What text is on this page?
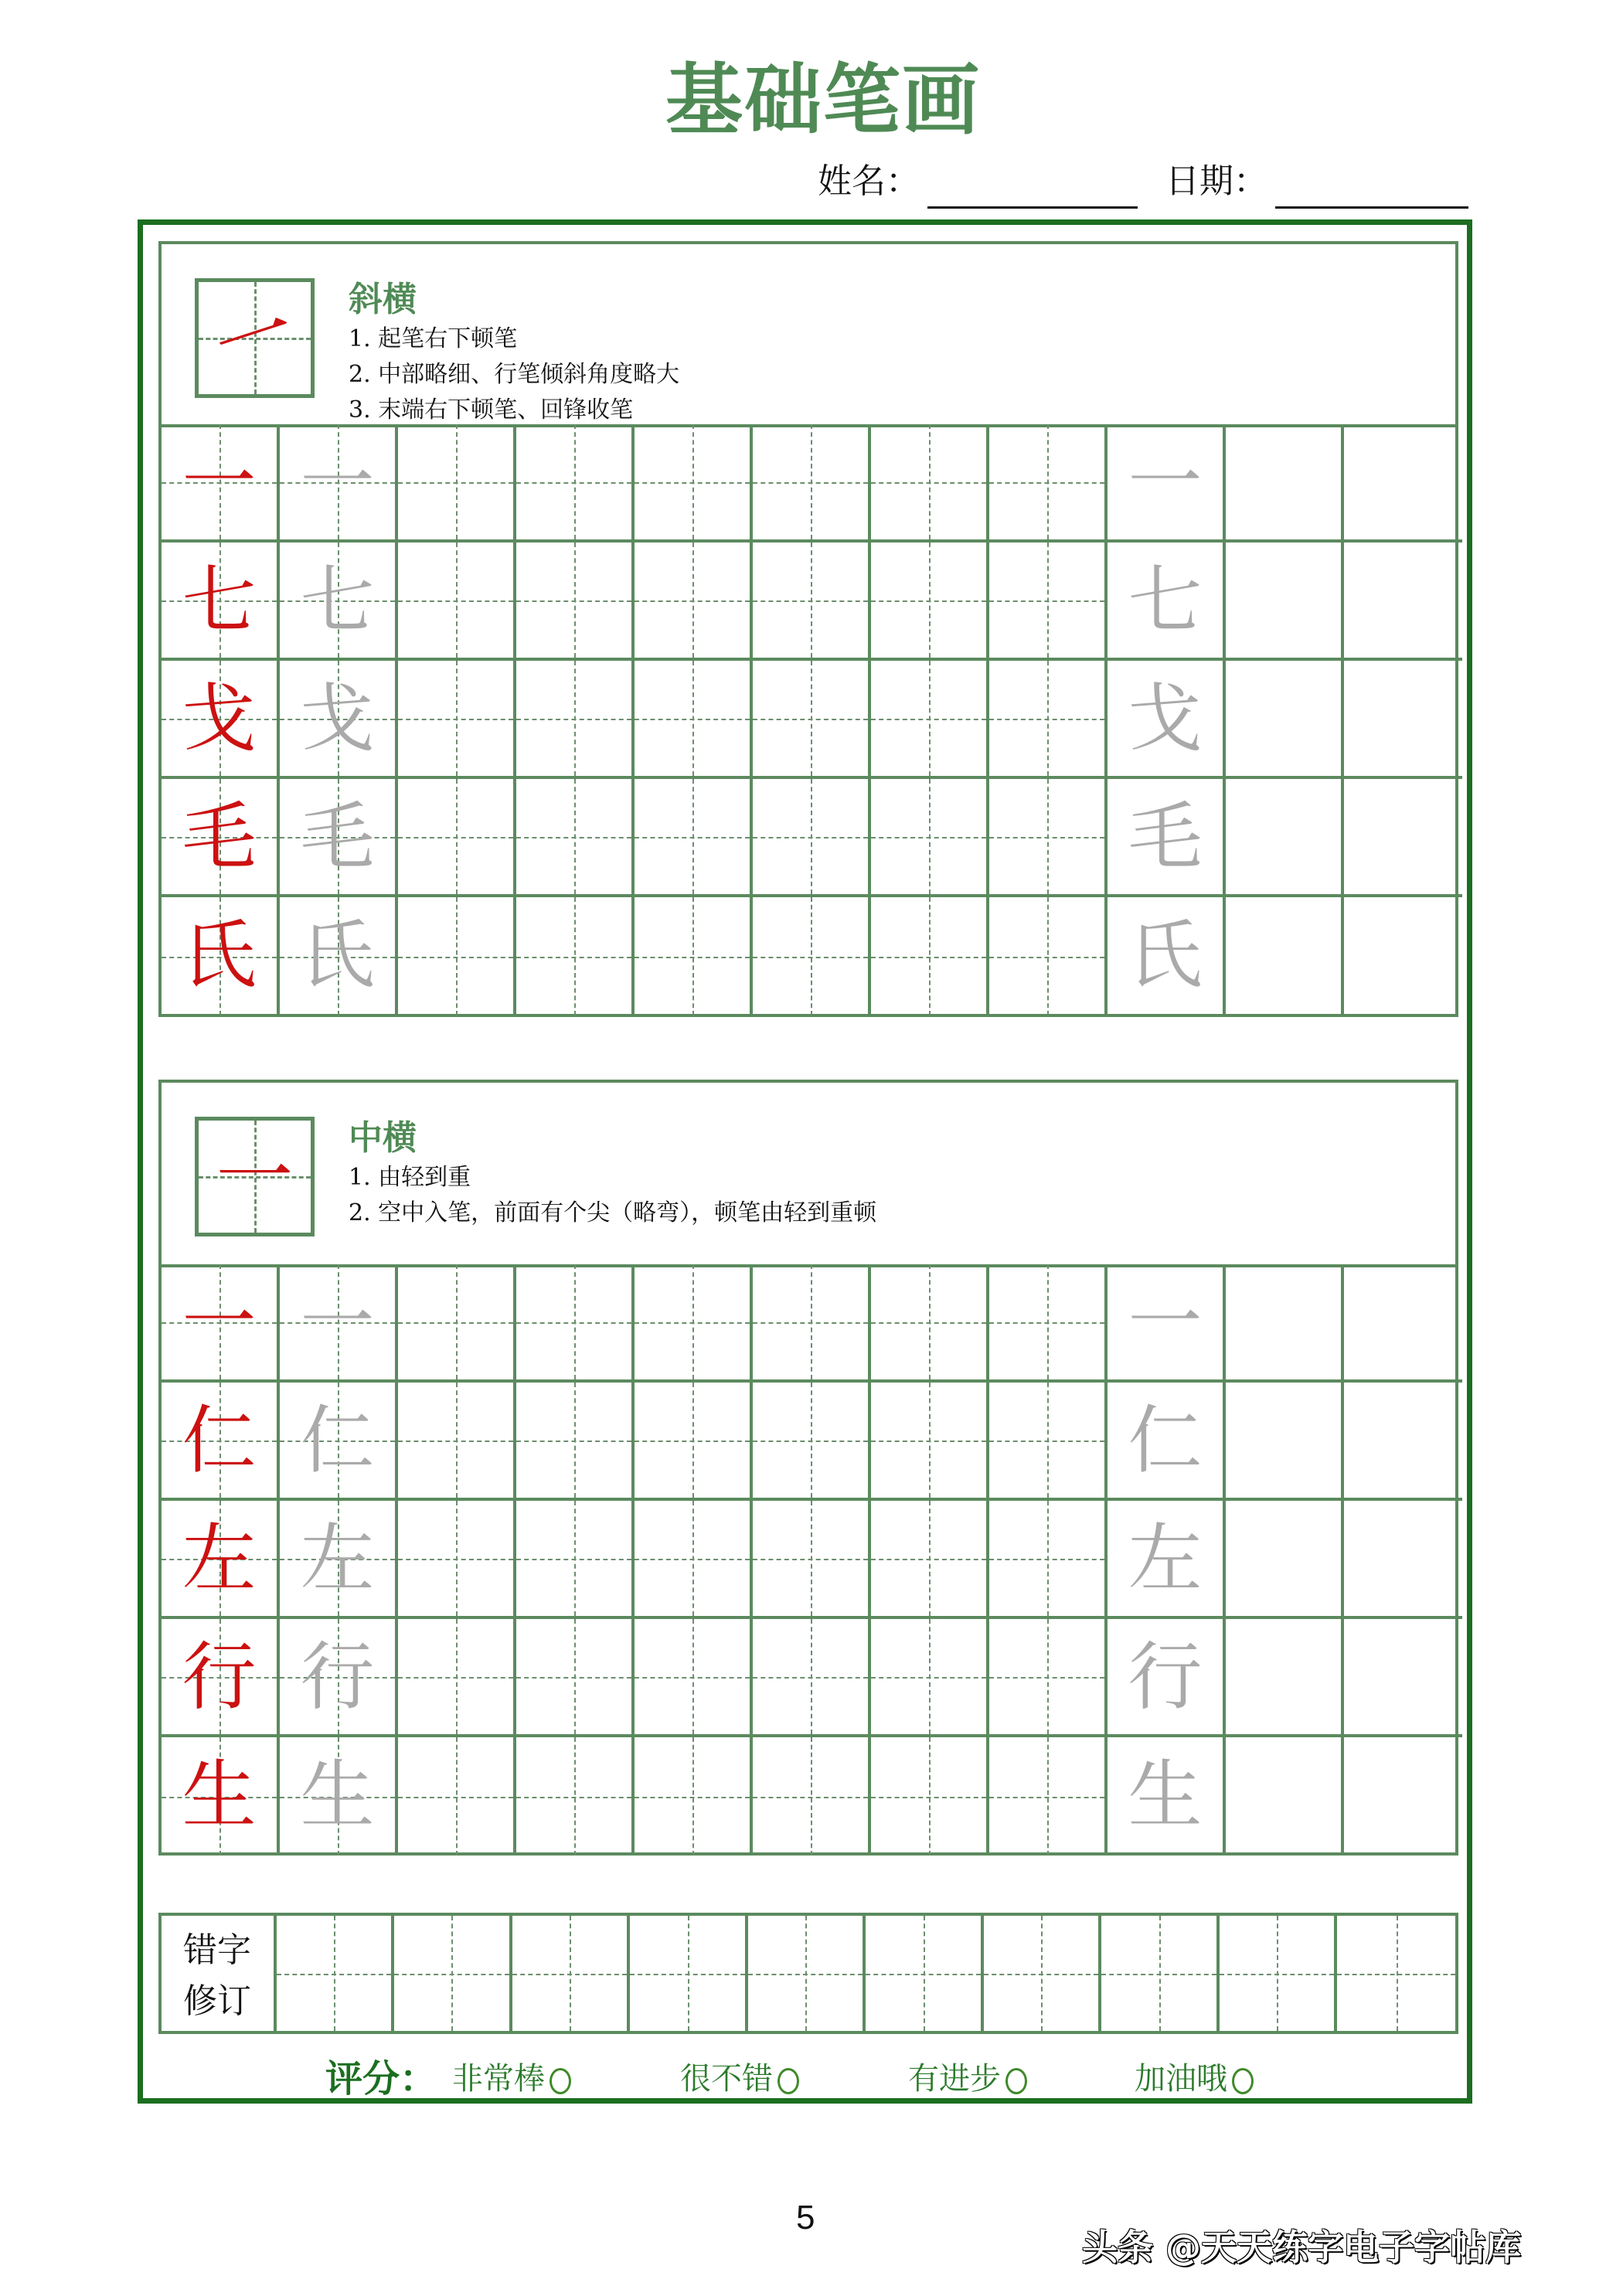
基础笔画
姓名：	日期：
一	斜横
1. 起笔右下顿笔
2. 中部略细、行笔倾斜角度略大
3. 末端右下顿笔、回锋收笔
一 一	一
七 七	七
戈 戈	戈
毛 毛	毛
氏 氏	氏
一	中横
1. 由轻到重
2. 空中入笔，前面有个尖（略弯），顿笔由轻到重顿
一 一	一
仁 仁	仁
左 左	左
行 行	行
生 生	生
错字
修订
评分： 非常棒	很不错	有进步	加油哦
5
头条 @天天练字电子字帖库
